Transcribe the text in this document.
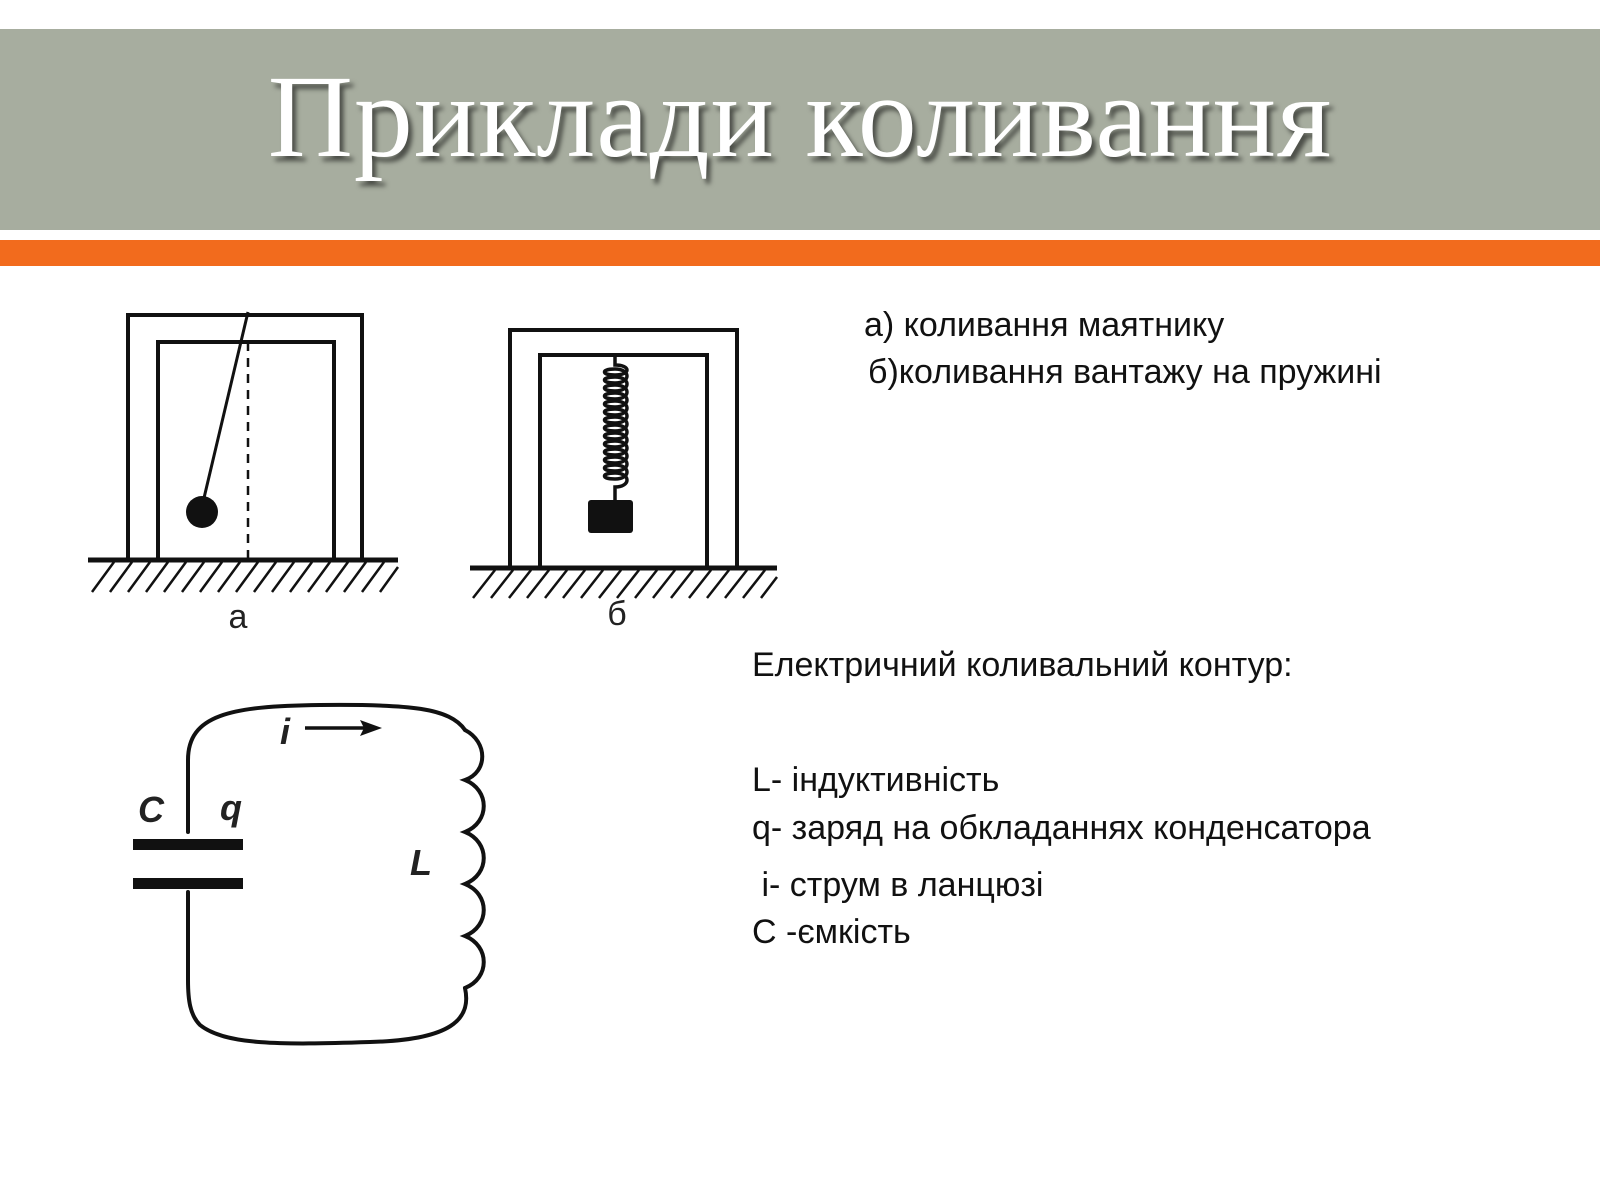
Приклади коливання
а	б
C q
i
L
а) коливання маятнику
б)коливання вантажу на пружині
Електричний коливальний контур:
L- індуктивність
q- заряд на обкладаннях конденсатора
і- струм в ланцюзі
С -ємкість
